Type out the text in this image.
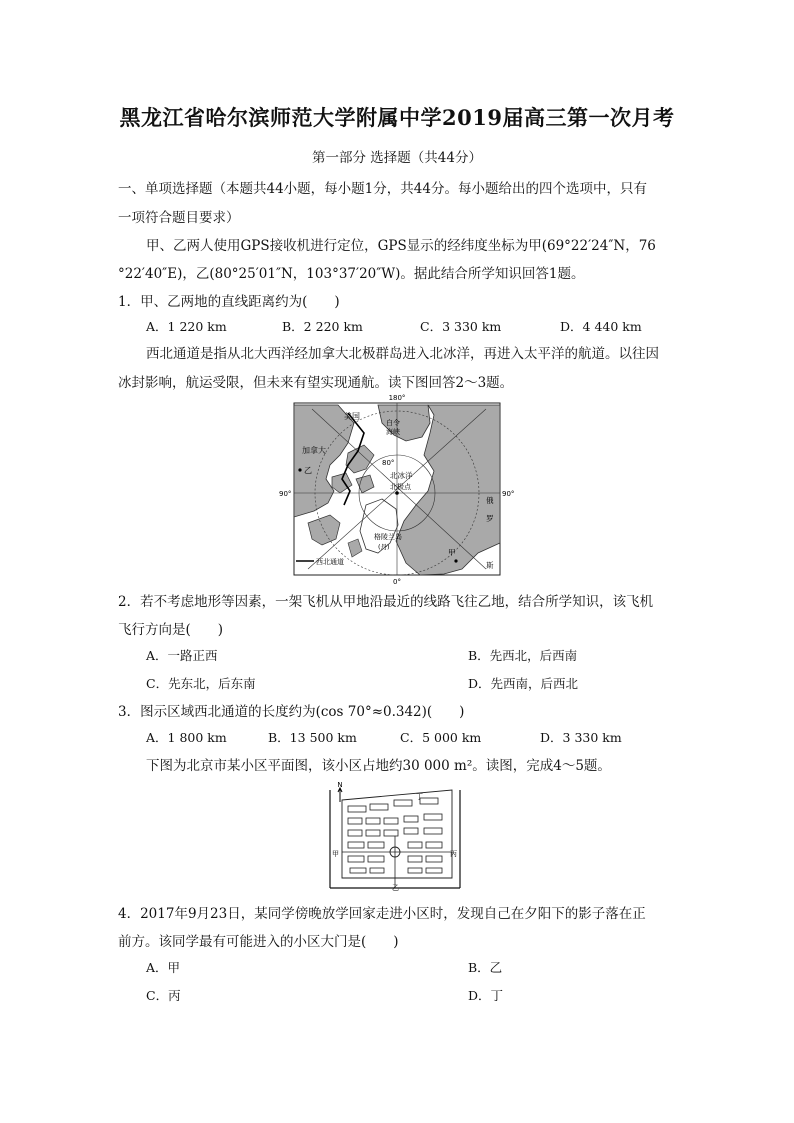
黑龙江省哈尔滨师范大学附属中学2019届高三第一次月考
第一部分 选择题（共44分）
一、单项选择题（本题共44小题，每小题1分，共44分。每小题给出的四个选项中，只有
一项符合题目要求）
甲、乙两人使用GPS接收机进行定位，GPS显示的经纬度坐标为甲(69°22′24″N，76
°22′40″E)，乙(80°25′01″N，103°37′20″W)。据此结合所学知识回答1题。
1．甲、乙两地的直线距离约为(　　)
A．1 220 km	B．2 220 km	C．3 330 km	D．4 440 km
西北通道是指从北大西洋经加拿大北极群岛进入北冰洋，再进入太平洋的航道。以往因
冰封影响，航运受限，但未来有望实现通航。读下图回答2～3题。
180°
0°
90°	90°
美国
白令
海峡
加拿大
乙
80°
北冰洋
北极点
俄
罗
斯
甲
格陵兰岛
(丹)
西北通道
2．若不考虑地形等因素，一架飞机从甲地沿最近的线路飞往乙地，结合所学知识，该飞机
飞行方向是(　　)
A．一路正西	B．先西北，后西南
C．先东北，后东南	D．先西南，后西北
3．图示区域西北通道的长度约为(cos 70°≈0.342)(　　)
A．1 800 km	B．13 500 km	C．5 000 km	D．3 330 km
下图为北京市某小区平面图，该小区占地约30 000 m²。读图，完成4～5题。
N
甲
乙
丙
丁
4．2017年9月23日，某同学傍晚放学回家走进小区时，发现自己在夕阳下的影子落在正
前方。该同学最有可能进入的小区大门是(　　)
A．甲	B．乙
C．丙	D．丁
